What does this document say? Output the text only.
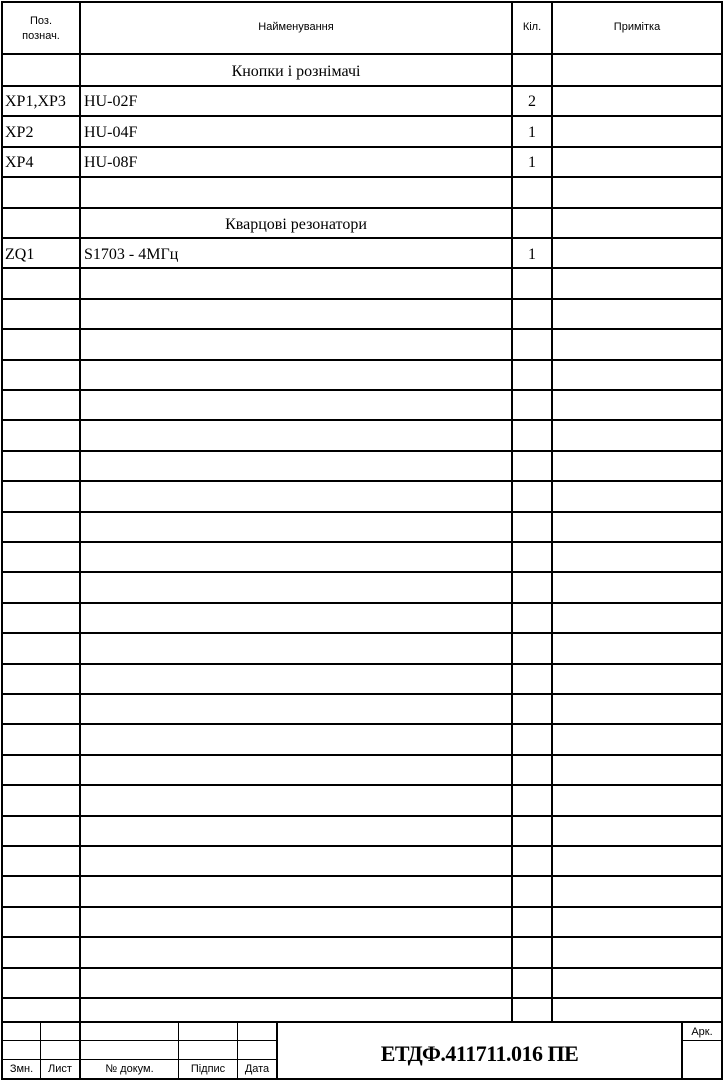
Поз.
познач.
Найменування	Кіл.	Примітка
Кнопки і рознімачі
XP1,XP3 HU-02F	2
XP2	HU-04F	1
XP4	HU-08F	1
Кварцові резонатори
ZQ1	S1703 - 4МГц	1
Змн.	Лист	№ докум.	Підпис	Дата
ЕТДФ.411711.016 ПЕ
Арк.
